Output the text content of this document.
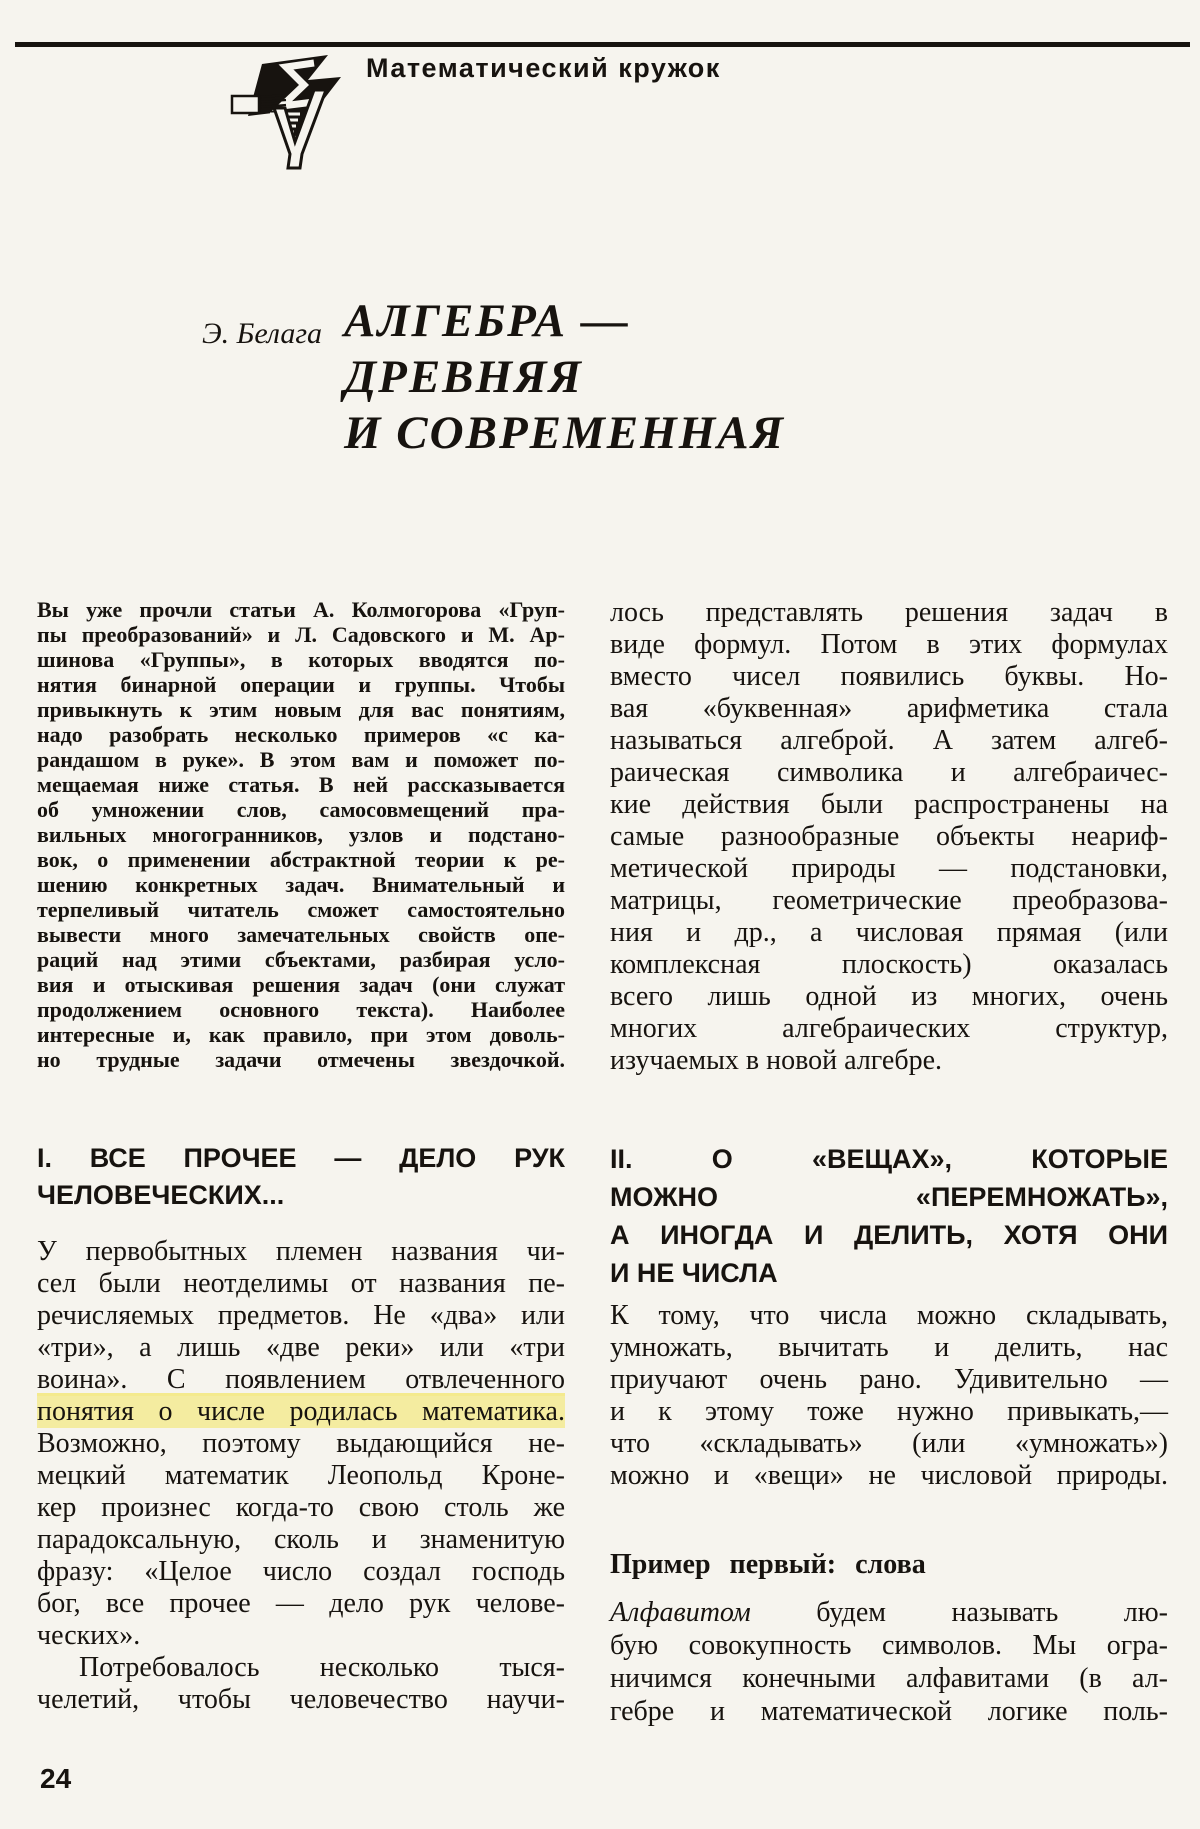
Математический кружок
Э. Белага АЛГЕБРА —
ДРЕВНЯЯ
И СОВРЕМЕННАЯ
Вы уже прочли статьи А. Колмогорова «Груп-
пы преобразований» и Л. Садовского и М. Ар-
шинова «Группы», в которых вводятся по-
нятия бинарной операции и группы. Чтобы
привыкнуть к этим новым для вас понятиям,
надо разобрать несколько примеров «с ка-
рандашом в руке». В этом вам и поможет по-
мещаемая ниже статья. В ней рассказывается
об умножении слов, самосовмещений пра-
вильных многогранников, узлов и подстано-
вок, о применении абстрактной теории к ре-
шению конкретных задач. Внимательный и
терпеливый читатель сможет самостоятельно
вывести много замечательных свойств опе-
раций над этими сбъектами, разбирая усло-
вия и отыскивая решения задач (они служат
продолжением основного текста). Наиболее
интересные и, как правило, при этом доволь-
но трудные задачи отмечены звездочкой.
I. ВСЕ ПРОЧЕЕ — ДЕЛО РУК
ЧЕЛОВЕЧЕСКИХ...
У первобытных племен названия чи-
сел были неотделимы от названия пе-
речисляемых предметов. Не «два» или
«три», а лишь «две реки» или «три
воина». С появлением отвлеченного
понятия о числе родилась математика.
Возможно, поэтому выдающийся не-
мецкий математик Леопольд Кроне-
кер произнес когда-то свою столь же
парадоксальную, сколь и знаменитую
фразу: «Целое число создал господь
бог, все прочее — дело рук челове-
ческих».
Потребовалось несколько тыся-
челетий, чтобы человечество научи-
лось представлять решения задач в
виде формул. Потом в этих формулах
вместо чисел появились буквы. Но-
вая «буквенная» арифметика стала
называться алгеброй. А затем алгеб-
раическая символика и алгебраичес-
кие действия были распространены на
самые разнообразные объекты неариф-
метической природы — подстановки,
матрицы, геометрические преобразова-
ния и др., а числовая прямая (или
комплексная плоскость) оказалась
всего лишь одной из многих, очень
многих алгебраических структур,
изучаемых в новой алгебре.
II. О «ВЕЩАХ», КОТОРЫЕ
МОЖНО «ПЕРЕМНОЖАТЬ»,
А ИНОГДА И ДЕЛИТЬ, ХОТЯ ОНИ
И НЕ ЧИСЛА
К тому, что числа можно складывать,
умножать, вычитать и делить, нас
приучают очень рано. Удивительно —
и к этому тоже нужно привыкать,—
что «складывать» (или «умножать»)
можно и «вещи» не числовой природы.
Пример первый: слова
Алфавитом будем называть лю-
бую совокупность символов. Мы огра-
ничимся конечными алфавитами (в ал-
гебре и математической логике поль-
24
